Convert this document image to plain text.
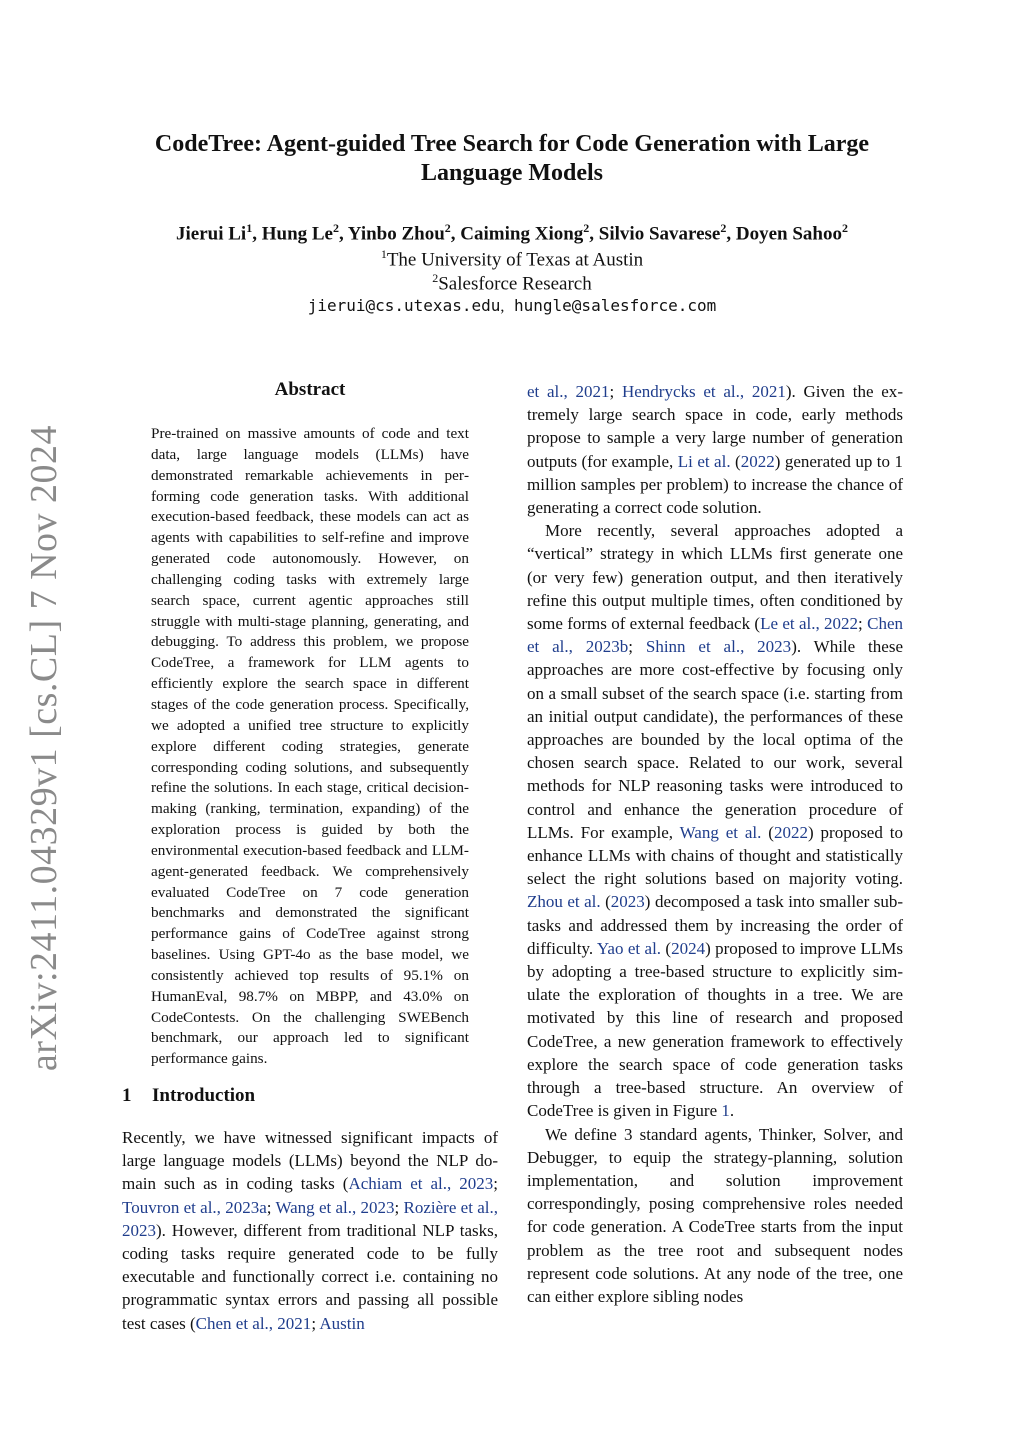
arXiv:2411.04329v1 [cs.CL] 7 Nov 2024
CodeTree: Agent-guided Tree Search for Code Generation with Large Language Models
Jierui Li$^1$, Hung Le$^2$, Yinbo Zhou$^2$, Caiming Xiong$^2$, Silvio Savarese$^2$, Doyen Sahoo$^2$
$^1$The University of Texas at Austin
$^2$Salesforce Research
jierui@cs.utexas.edu, hungle@salesforce.com
Abstract

Pre-trained on massive amounts of code and text data, large language models (LLMs) have demonstrated remarkable achievements in performing code generation tasks. With additional execution-based feedback, these models can act as agents with capabilities to self-refine and improve generated code autonomously. However, on challenging coding tasks with extremely large search space, current agentic approaches still struggle with multi-stage planning, generating, and debugging. To address this problem, we propose CodeTree, a framework for LLM agents to efficiently explore the search space in different stages of the code generation process. Specifically, we adopted a unified tree structure to explicitly explore different coding strategies, generate corresponding coding solutions, and subsequently refine the solutions. In each stage, critical decision-making (ranking, termination, expanding) of the exploration process is guided by both the environmental execution-based feedback and LLM-agent-generated feedback. We comprehensively evaluated CodeTree on 7 code generation benchmarks and demonstrated the significant performance gains of CodeTree against strong baselines. Using GPT-4o as the base model, we consistently achieved top results of 95.1% on HumanEval, 98.7% on MBPP, and 43.0% on CodeContests. On the challenging SWEBench benchmark, our approach led to significant performance gains.

1 Introduction

Recently, we have witnessed significant impacts of large language models (LLMs) beyond the NLP domain such as in coding tasks (Achiam et al., 2023; Touvron et al., 2023a; Wang et al., 2023; Rozière et al., 2023). However, different from traditional NLP tasks, coding tasks require generated code to be fully executable and functionally correct i.e. containing no programmatic syntax errors and passing all possible test cases (Chen et al., 2021; Austin

et al., 2021; Hendrycks et al., 2021). Given the extremely large search space in code, early methods propose to sample a very large number of generation outputs (for example, Li et al. (2022) generated up to 1 million samples per problem) to increase the chance of generating a correct code solution.

More recently, several approaches adopted a “vertical” strategy in which LLMs first generate one (or very few) generation output, and then iteratively refine this output multiple times, often conditioned by some forms of external feedback (Le et al., 2022; Chen et al., 2023b; Shinn et al., 2023). While these approaches are more cost-effective by focusing only on a small subset of the search space (i.e. starting from an initial output candidate), the performances of these approaches are bounded by the local optima of the chosen search space. Related to our work, several methods for NLP reasoning tasks were introduced to control and enhance the generation procedure of LLMs. For example, Wang et al. (2022) proposed to enhance LLMs with chains of thought and statistically select the right solutions based on majority voting. Zhou et al. (2023) decomposed a task into smaller sub-tasks and addressed them by increasing the order of difficulty. Yao et al. (2024) proposed to improve LLMs by adopting a tree-based structure to explicitly simulate the exploration of thoughts in a tree. We are motivated by this line of research and proposed CodeTree, a new generation framework to effectively explore the search space of code generation tasks through a tree-based structure. An overview of CodeTree is given in Figure 1.

We define 3 standard agents, Thinker, Solver, and Debugger, to equip the strategy-planning, solution implementation, and solution improvement correspondingly, posing comprehensive roles needed for code generation. A CodeTree starts from the input problem as the tree root and subsequent nodes represent code solutions. At any node of the tree, one can either explore sibling nodes
